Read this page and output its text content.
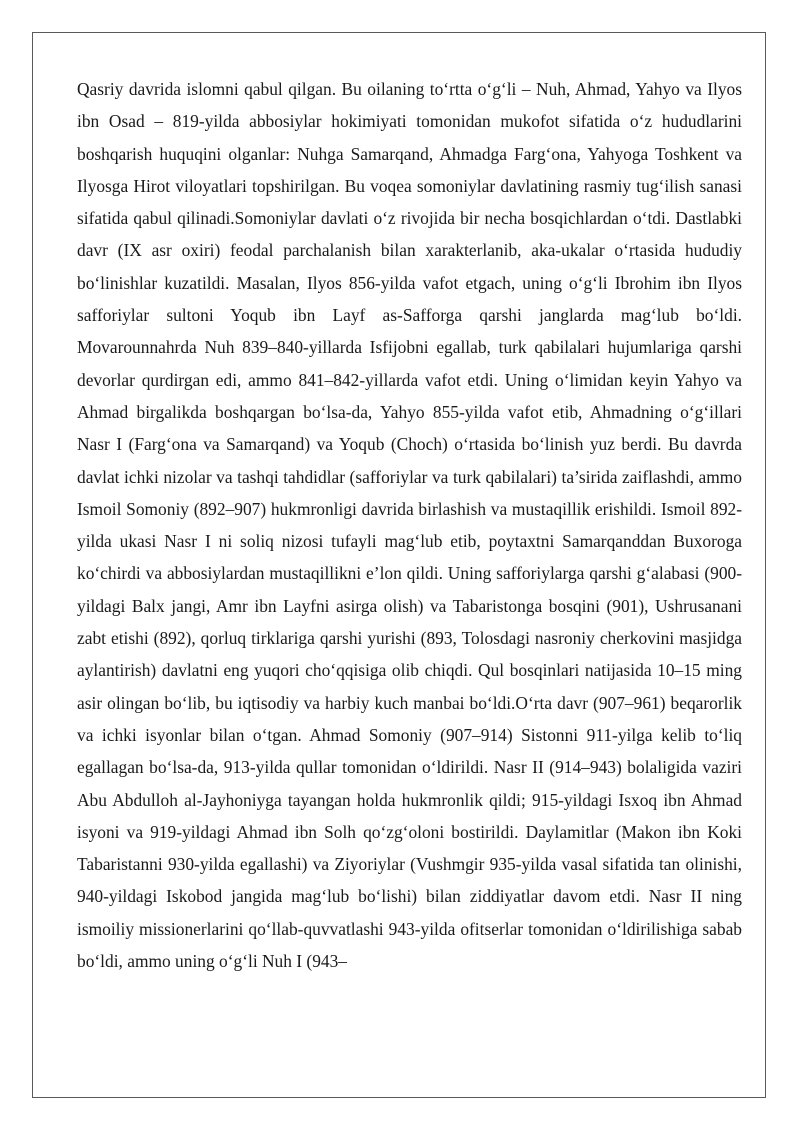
Qasriy davrida islomni qabul qilgan. Bu oilaning to‘rtta o‘g‘li – Nuh, Ahmad, Yahyo va Ilyos ibn Osad – 819-yilda abbosiylar hokimiyati tomonidan mukofot sifatida o‘z hududlarini boshqarish huquqini olganlar: Nuhga Samarqand, Ahmadga Farg‘ona, Yahyoga Toshkent va Ilyosga Hirot viloyatlari topshirilgan. Bu voqea somoniylar davlatining rasmiy tug‘ilish sanasi sifatida qabul qilinadi.Somoniylar davlati o‘z rivojida bir necha bosqichlardan o‘tdi. Dastlabki davr (IX asr oxiri) feodal parchalanish bilan xarakterlanib, aka-ukalar o‘rtasida hududiy bo‘linishlar kuzatildi. Masalan, Ilyos 856-yilda vafot etgach, uning o‘g‘li Ibrohim ibn Ilyos safforiylar sultoni Yoqub ibn Layf as-Safforga qarshi janglarda mag‘lub bo‘ldi. Movarounnahrda Nuh 839–840-yillarda Isfijobni egallab, turk qabilalari hujumlariga qarshi devorlar qurdirgan edi, ammo 841–842-yillarda vafot etdi. Uning o‘limidan keyin Yahyo va Ahmad birgalikda boshqargan bo‘lsa-da, Yahyo 855-yilda vafot etib, Ahmadning o‘g‘illari Nasr I (Farg‘ona va Samarqand) va Yoqub (Choch) o‘rtasida bo‘linish yuz berdi. Bu davrda davlat ichki nizolar va tashqi tahdidlar (safforiylar va turk qabilalari) ta’sirida zaiflashdi, ammo Ismoil Somoniy (892–907) hukmronligi davrida birlashish va mustaqillik erishildi. Ismoil 892-yilda ukasi Nasr I ni soliq nizosi tufayli mag‘lub etib, poytaxtni Samarqanddan Buxoroga ko‘chirdi va abbosiylardan mustaqillikni e’lon qildi. Uning safforiylarga qarshi g‘alabasi (900-yildagi Balx jangi, Amr ibn Layfni asirga olish) va Tabaristonga bosqini (901), Ushrusanani zabt etishi (892), qorluq tirklariga qarshi yurishi (893, Tolosdagi nasroniy cherkovini masjidga aylantirish) davlatni eng yuqori cho‘qqisiga olib chiqdi. Qul bosqinlari natijasida 10–15 ming asir olingan bo‘lib, bu iqtisodiy va harbiy kuch manbai bo‘ldi.O‘rta davr (907–961) beqarorlik va ichki isyonlar bilan o‘tgan. Ahmad Somoniy (907–914) Sistonni 911-yilga kelib to‘liq egallagan bo‘lsa-da, 913-yilda qullar tomonidan o‘ldirildi. Nasr II (914–943) bolaligida vaziri Abu Abdulloh al-Jayhoniyga tayangan holda hukmronlik qildi; 915-yildagi Isxoq ibn Ahmad isyoni va 919-yildagi Ahmad ibn Solh qo‘zg‘oloni bostirildi. Daylamitlar (Makon ibn Koki Tabaristanni 930-yilda egallashi) va Ziyoriylar (Vushmgir 935-yilda vasal sifatida tan olinishi, 940-yildagi Iskobod jangida mag‘lub bo‘lishi) bilan ziddiyatlar davom etdi. Nasr II ning ismoiliy missionerlarini qo‘llab-quvvatlashi 943-yilda ofitserlar tomonidan o‘ldirilishiga sabab bo‘ldi, ammo uning o‘g‘li Nuh I (943–
